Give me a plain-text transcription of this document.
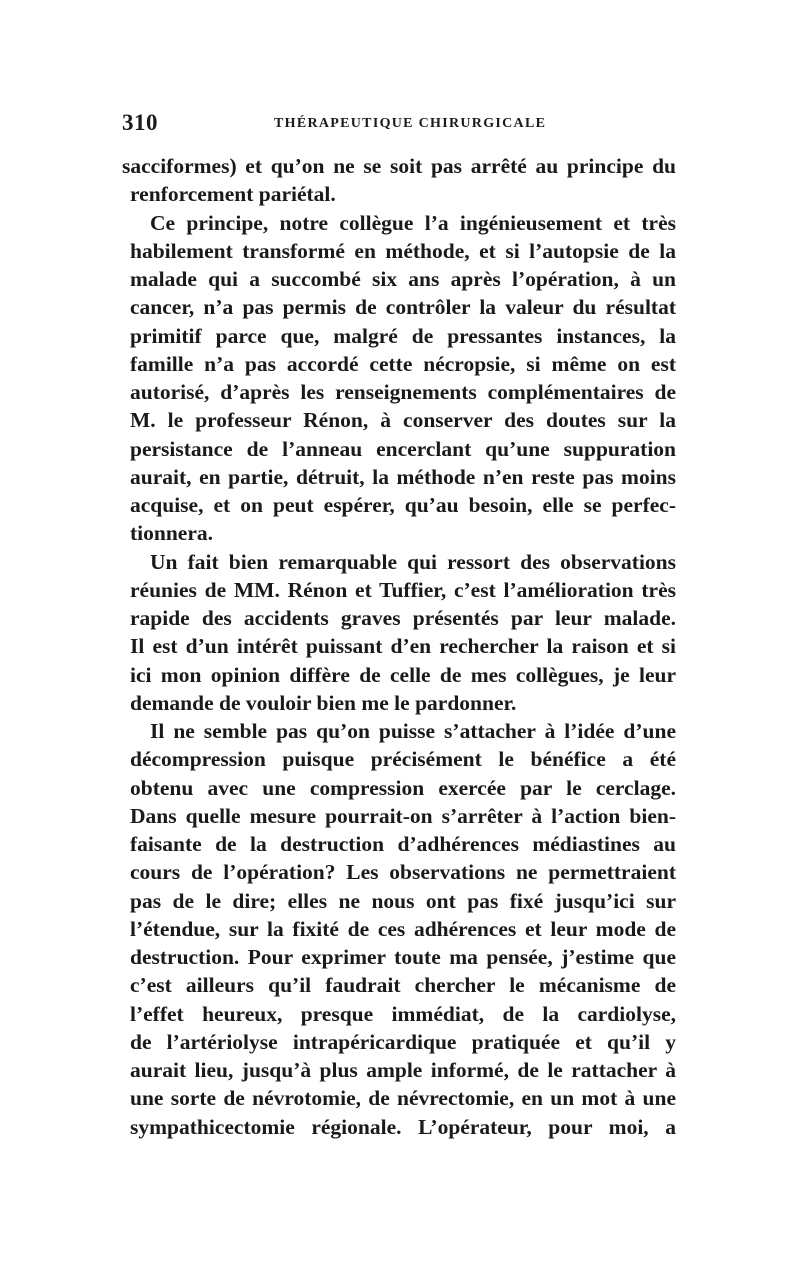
310	THÉRAPEUTIQUE CHIRURGICALE
sacciformes) et qu’on ne se soit pas arrêté au principe du
renforcement pariétal.
Ce principe, notre collègue l’a ingénieusement et très
habilement transformé en méthode, et si l’autopsie de la
malade qui a succombé six ans après l’opération, à un
cancer, n’a pas permis de contrôler la valeur du résultat
primitif parce que, malgré de pressantes instances, la
famille n’a pas accordé cette nécropsie, si même on est
autorisé, d’après les renseignements complémentaires de
M. le professeur Rénon, à conserver des doutes sur la
persistance de l’anneau encerclant qu’une suppuration
aurait, en partie, détruit, la méthode n’en reste pas moins
acquise, et on peut espérer, qu’au besoin, elle se perfec-
tionnera.
Un fait bien remarquable qui ressort des observations
réunies de MM. Rénon et Tuffier, c’est l’amélioration très
rapide des accidents graves présentés par leur malade.
Il est d’un intérêt puissant d’en rechercher la raison et si
ici mon opinion diffère de celle de mes collègues, je leur
demande de vouloir bien me le pardonner.
Il ne semble pas qu’on puisse s’attacher à l’idée d’une
décompression puisque précisément le bénéfice a été
obtenu avec une compression exercée par le cerclage.
Dans quelle mesure pourrait-on s’arrêter à l’action bien-
faisante de la destruction d’adhérences médiastines au
cours de l’opération? Les observations ne permettraient
pas de le dire; elles ne nous ont pas fixé jusqu’ici sur
l’étendue, sur la fixité de ces adhérences et leur mode de
destruction. Pour exprimer toute ma pensée, j’estime que
c’est ailleurs qu’il faudrait chercher le mécanisme de
l’effet heureux, presque immédiat, de la cardiolyse,
de l’artériolyse intrapéricardique pratiquée et qu’il y
aurait lieu, jusqu’à plus ample informé, de le rattacher à
une sorte de névrotomie, de névrectomie, en un mot à une
sympathicectomie régionale. L’opérateur, pour moi, a
